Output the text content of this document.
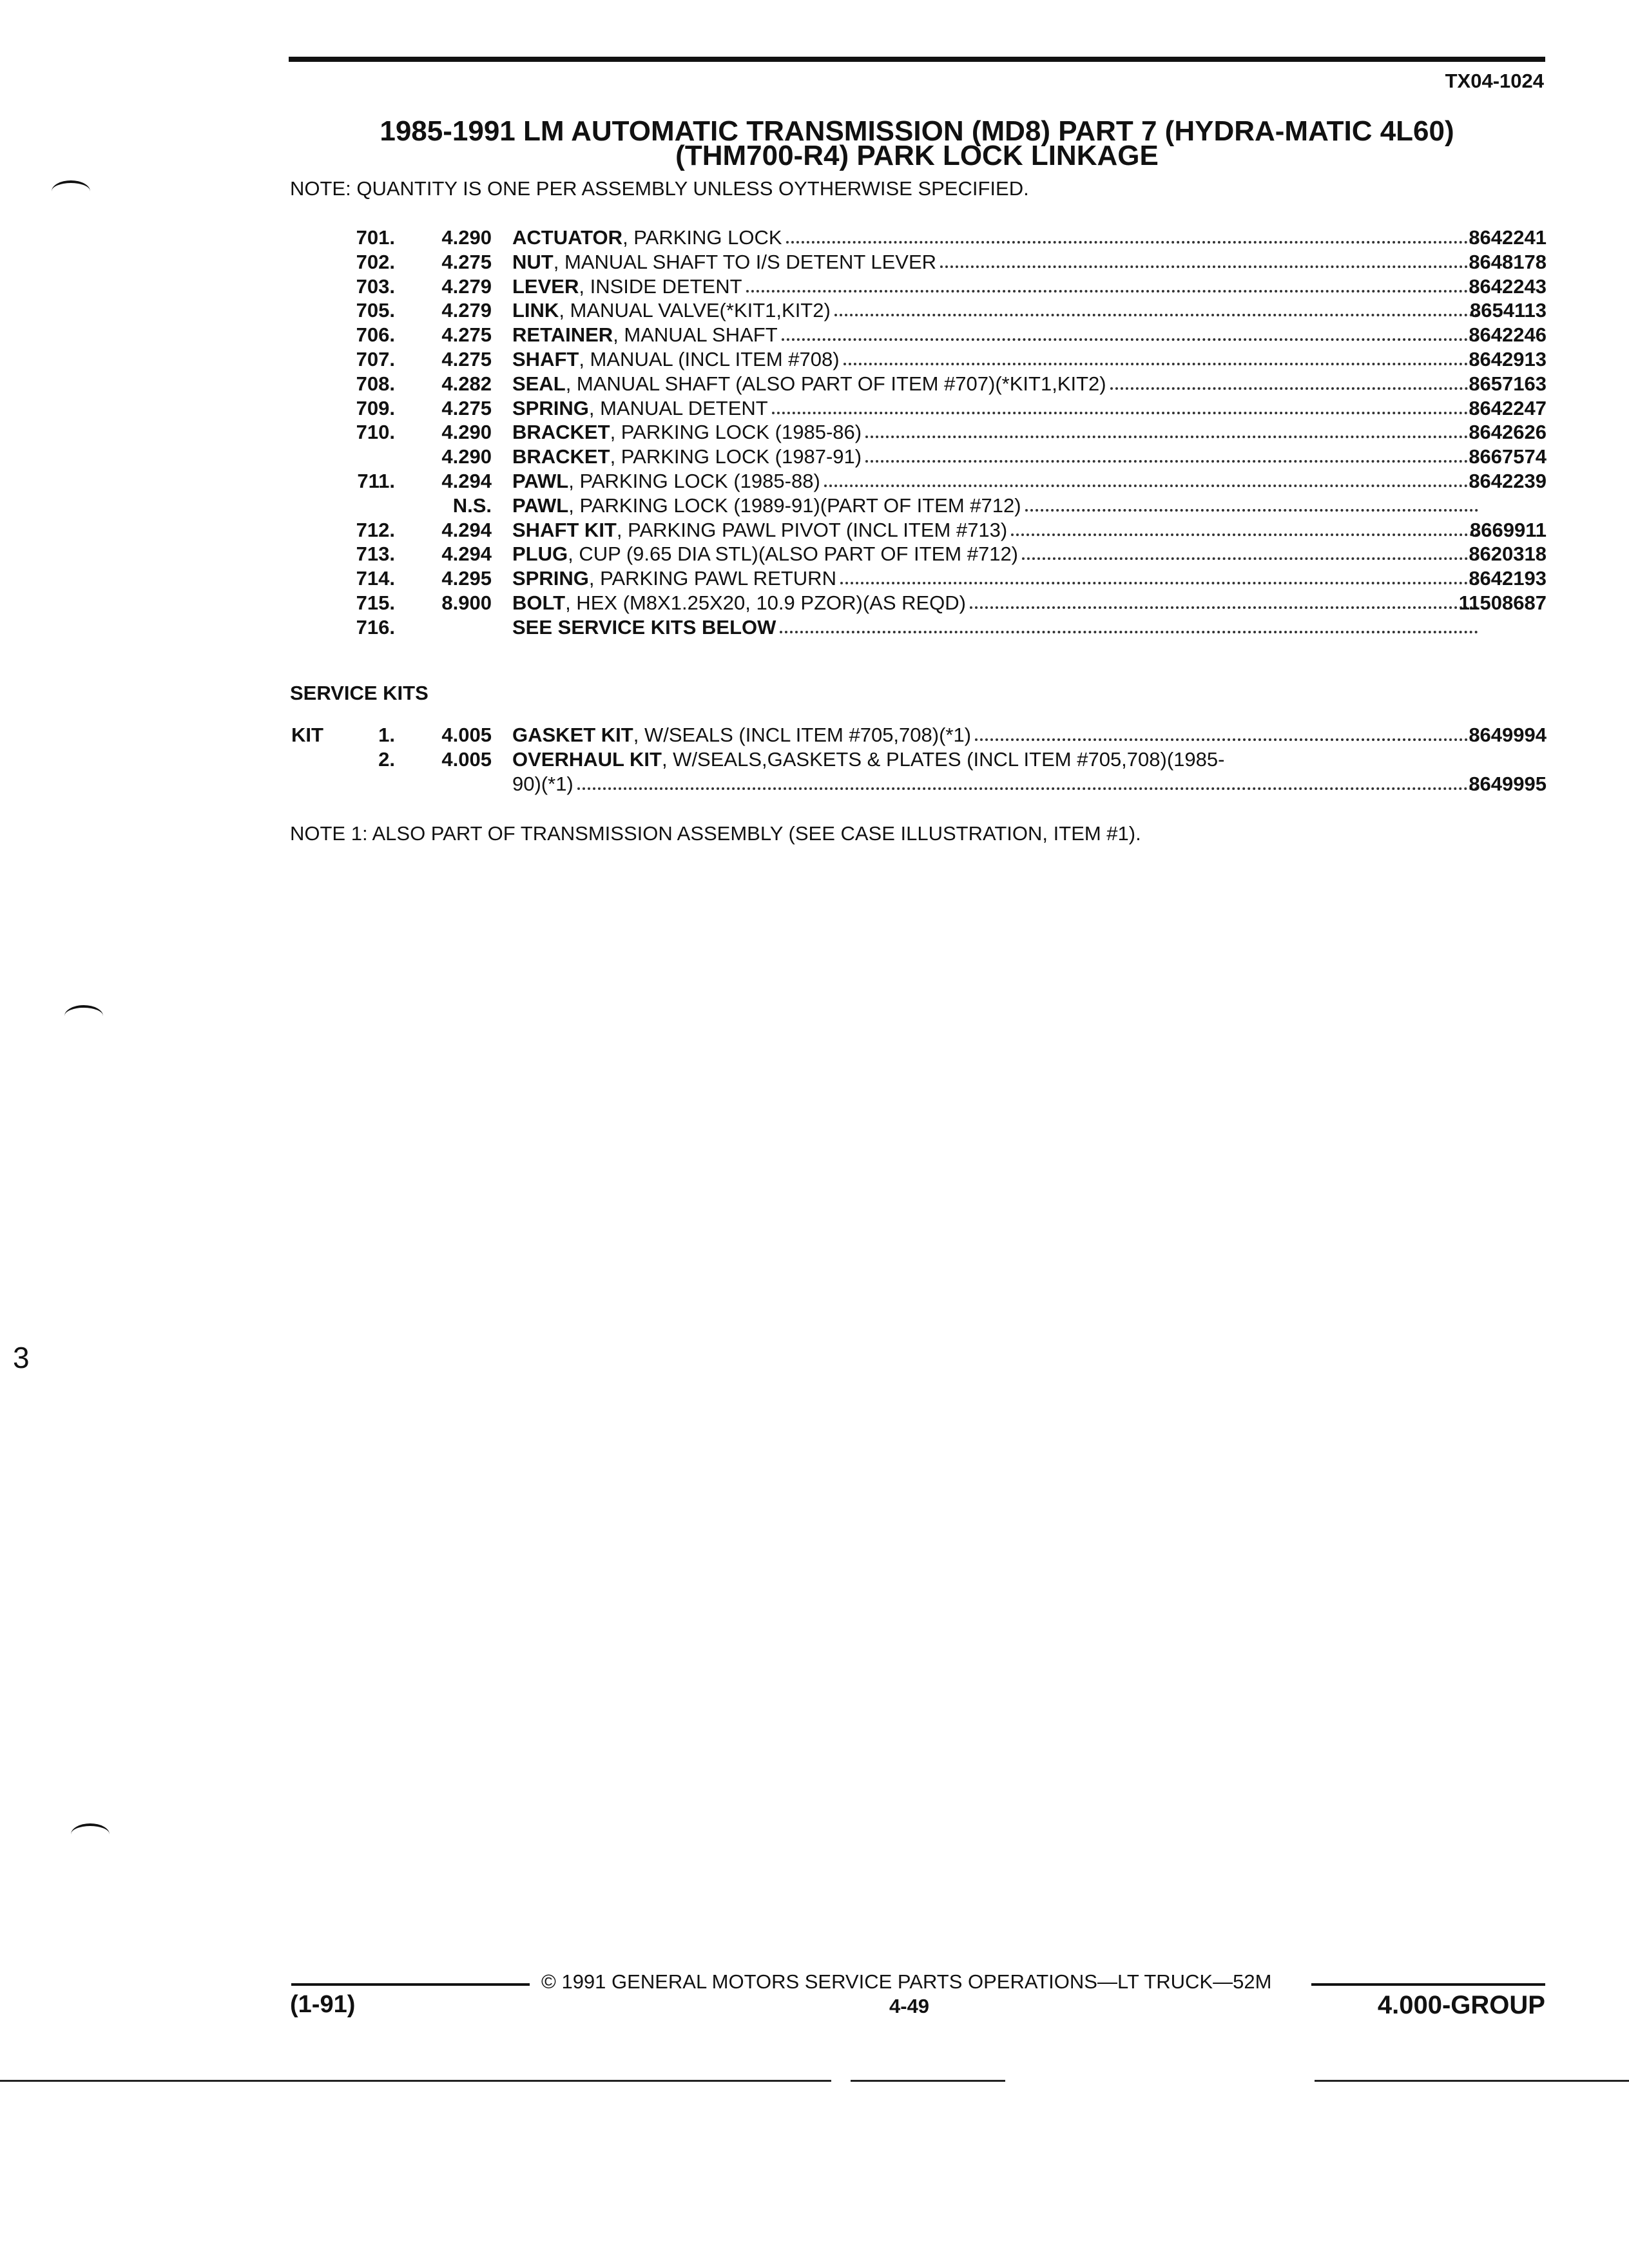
TX04-1024
1985-1991 LM AUTOMATIC TRANSMISSION (MD8) PART 7 (HYDRA-MATIC 4L60)
(THM700-R4) PARK LOCK LINKAGE
NOTE: QUANTITY IS ONE PER ASSEMBLY UNLESS OYTHERWISE SPECIFIED.
701. 4.290 ACTUATOR , PARKING LOCK	8642241
702. 4.275 NUT , MANUAL SHAFT TO I/S DETENT LEVER	8648178
703. 4.279 LEVER , INSIDE DETENT	8642243
705. 4.279 LINK , MANUAL VALVE(*KIT1,KIT2)	8654113
706. 4.275 RETAINER , MANUAL SHAFT	8642246
707. 4.275 SHAFT , MANUAL (INCL ITEM #708)	8642913
708. 4.282 SEAL , MANUAL SHAFT (ALSO PART OF ITEM #707)(*KIT1,KIT2)	8657163
709. 4.275 SPRING , MANUAL DETENT	8642247
710. 4.290 BRACKET , PARKING LOCK (1985-86)	8642626
4.290 BRACKET , PARKING LOCK (1987-91)	8667574
711. 4.294 PAWL , PARKING LOCK (1985-88)	8642239
N.S. PAWL , PARKING LOCK (1989-91)(PART OF ITEM #712)
712. 4.294 SHAFT KIT , PARKING PAWL PIVOT (INCL ITEM #713)	8669911
713. 4.294 PLUG , CUP (9.65 DIA STL)(ALSO PART OF ITEM #712)	8620318
714. 4.295 SPRING , PARKING PAWL RETURN	8642193
715. 8.900 BOLT , HEX (M8X1.25X20, 10.9 PZOR)(AS REQD)	11508687
716.	SEE SERVICE KITS BELOW
SERVICE KITS
KIT	1. 4.005 GASKET KIT , W/SEALS (INCL ITEM #705,708)(*1)	8649994
2. 4.005 OVERHAUL KIT , W/SEALS,GASKETS & PLATES (INCL ITEM #705,708)(1985-
90)(*1)	8649995
NOTE 1: ALSO PART OF TRANSMISSION ASSEMBLY (SEE CASE ILLUSTRATION, ITEM #1).
© 1991 GENERAL MOTORS SERVICE PARTS OPERATIONS—LT TRUCK—52M
(1-91)	4-49	4.000-GROUP
3
